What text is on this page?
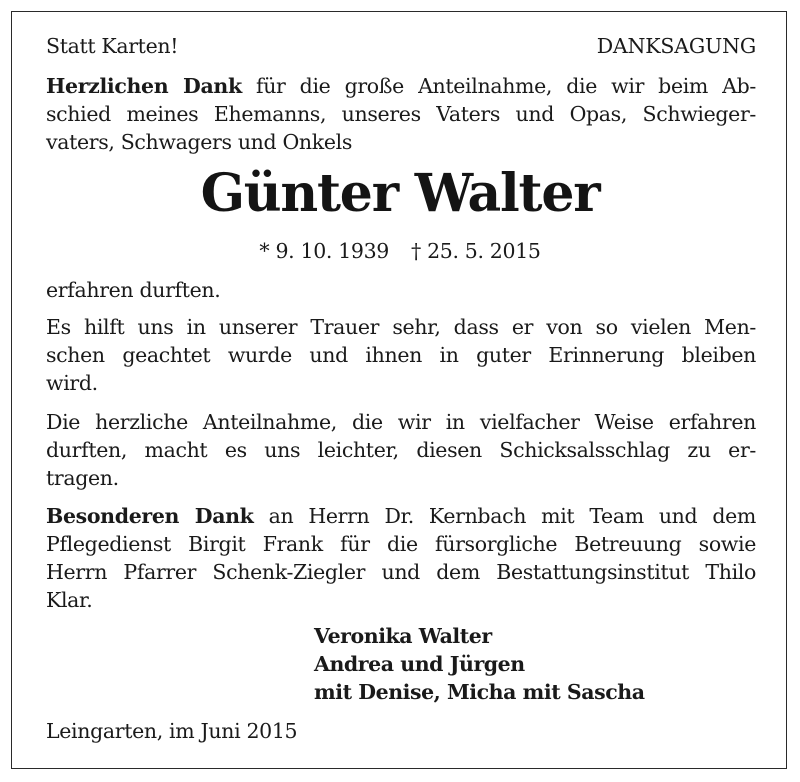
Statt Karten!	DANKSAGUNG
Herzlichen Dank für die große Anteilnahme, die wir beim Ab-
schied meines Ehemanns, unseres Vaters und Opas, Schwieger-
vaters, Schwagers und Onkels
Günter Walter
* 9. 10. 1939 † 25. 5. 2015
erfahren durften.
Es hilft uns in unserer Trauer sehr, dass er von so vielen Men-
schen geachtet wurde und ihnen in guter Erinnerung bleiben
wird.
Die herzliche Anteilnahme, die wir in vielfacher Weise erfahren
durften, macht es uns leichter, diesen Schicksalsschlag zu er-
tragen.
Besonderen Dank an Herrn Dr. Kernbach mit Team und dem
Pflegedienst Birgit Frank für die fürsorgliche Betreuung sowie
Herrn Pfarrer Schenk-Ziegler und dem Bestattungsinstitut Thilo
Klar.
Veronika Walter
Andrea und Jürgen
mit Denise, Micha mit Sascha
Leingarten, im Juni 2015
